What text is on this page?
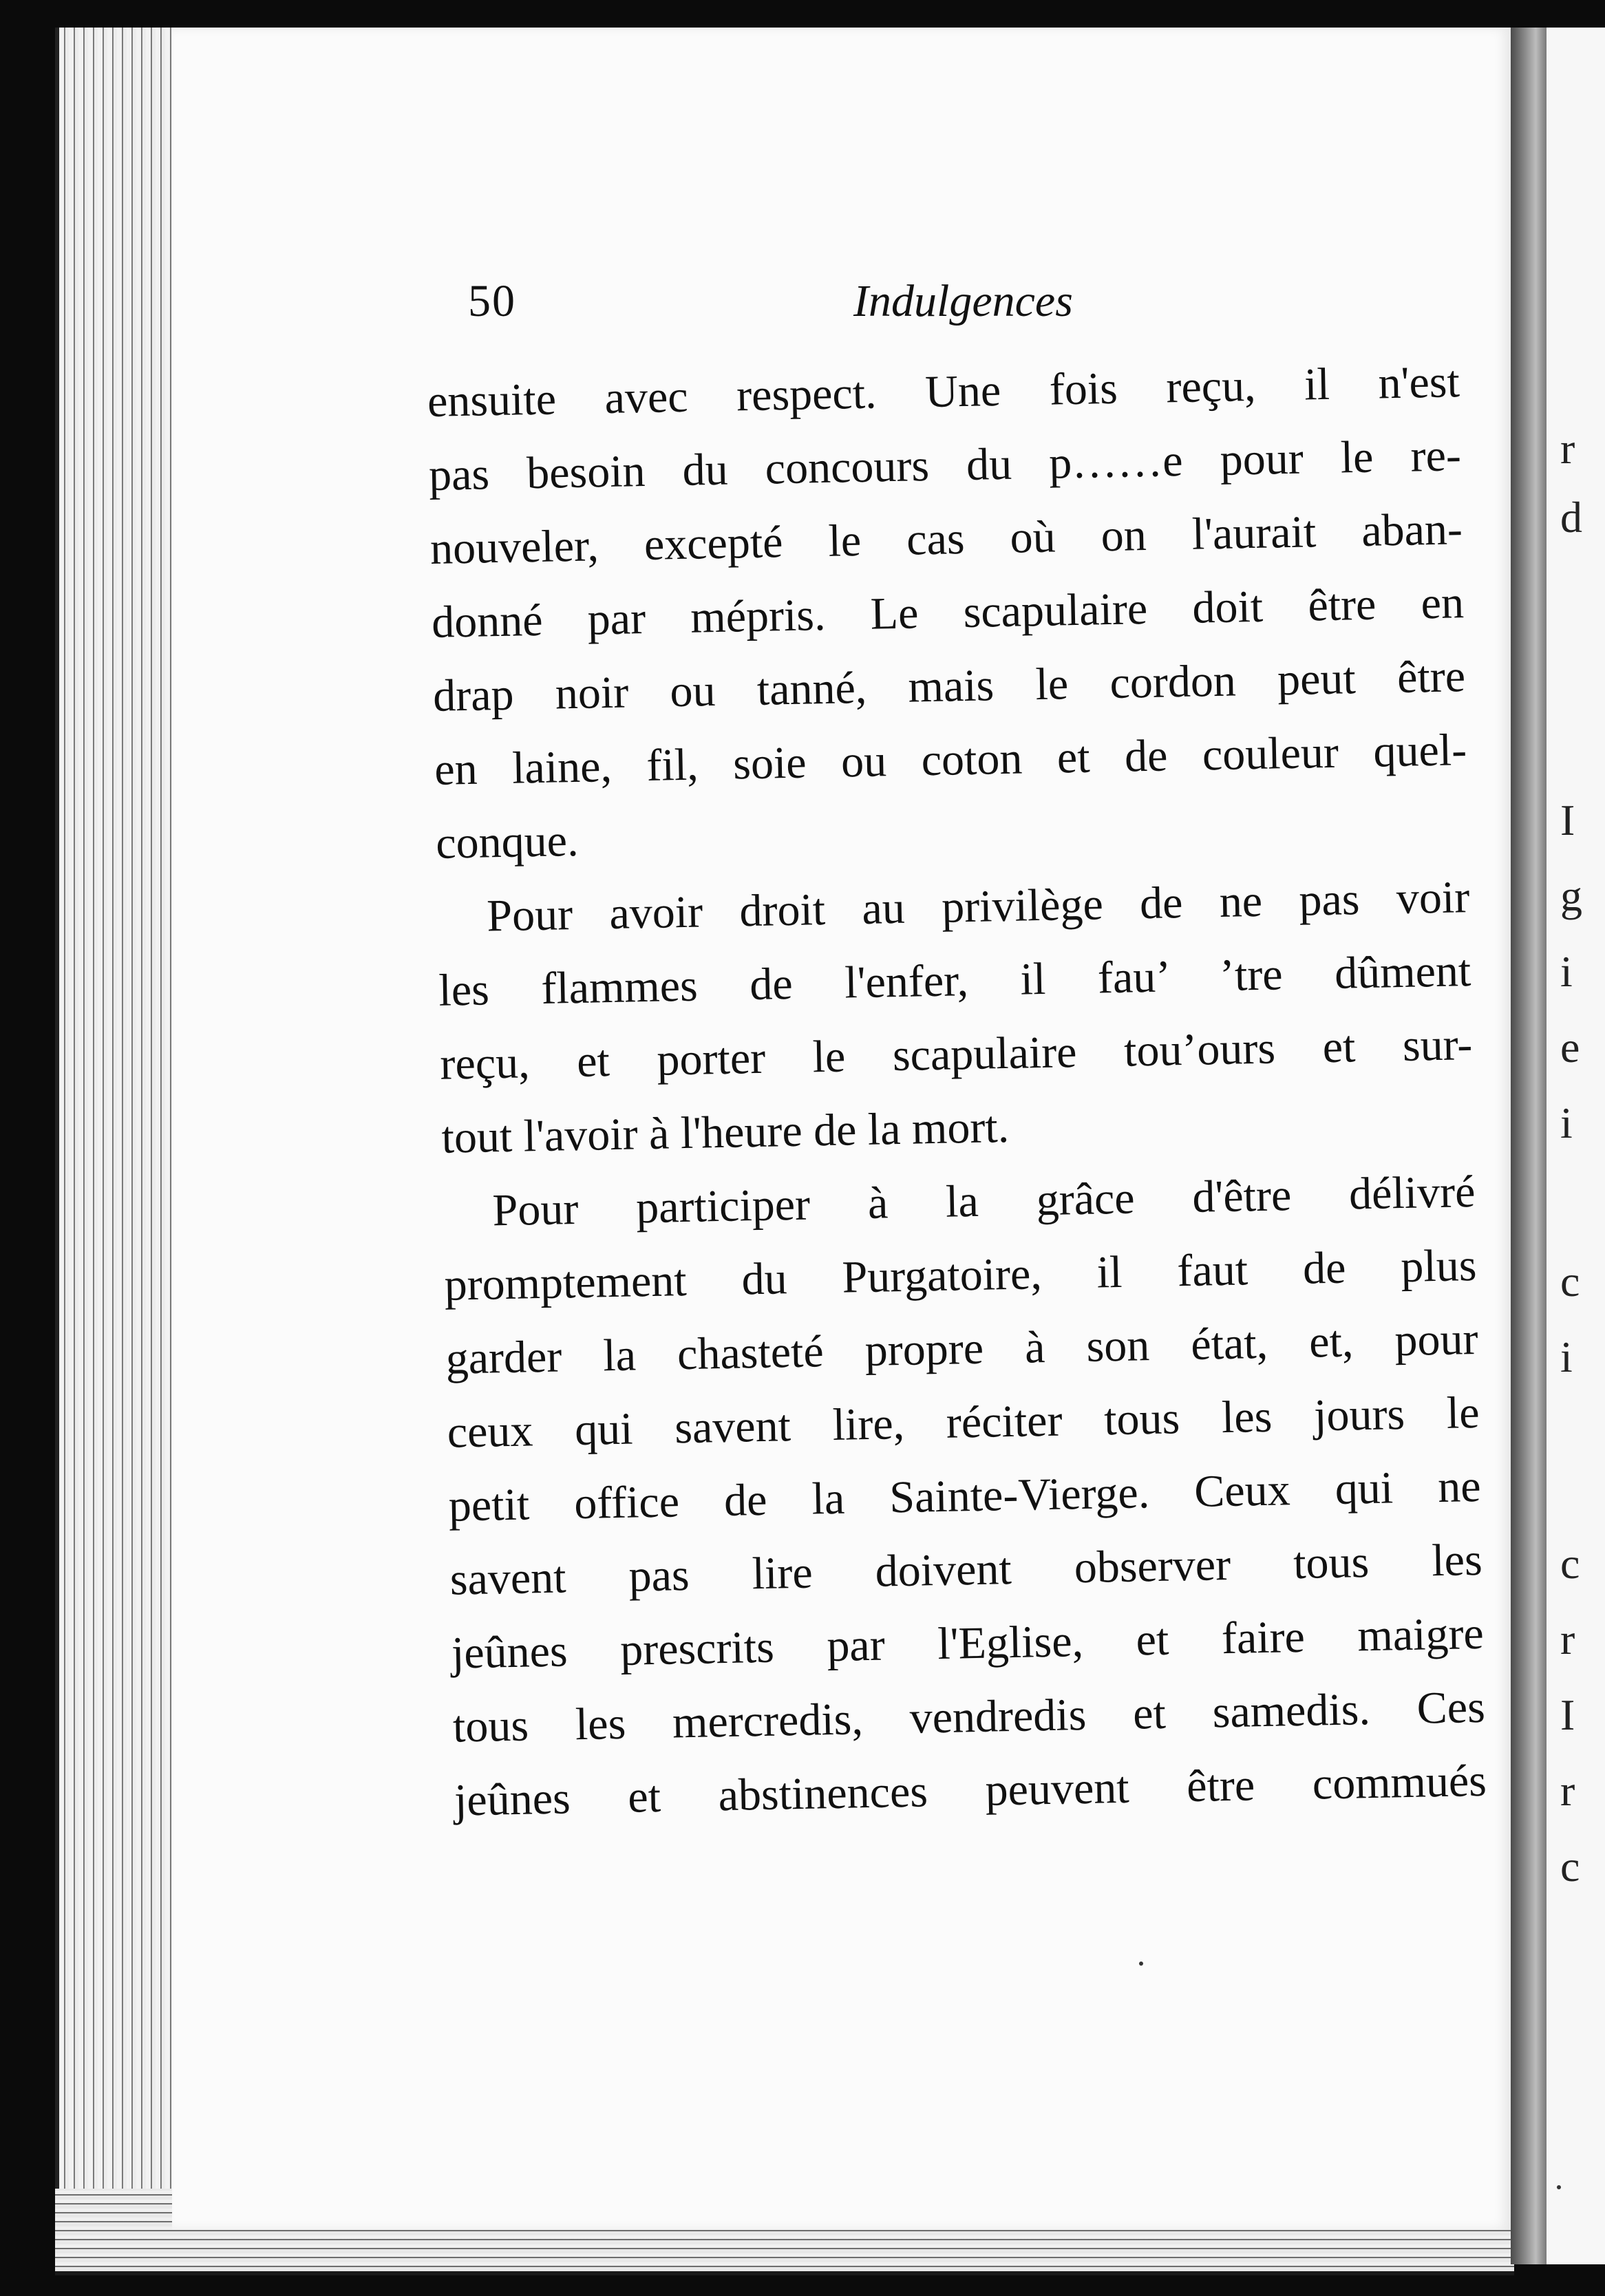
r
d
I
g
i
e
i
c
i
c
r
I
r
c
50	Indulgences
ensuite avec respect. Une fois reçu, il n'est
pas besoin du concours du p……e pour le re-
nouveler, excepté le cas où on l'aurait aban-
donné par mépris. Le scapulaire doit être en
drap noir ou tanné, mais le cordon peut être
en laine, fil, soie ou coton et de couleur quel-
conque.
Pour avoir droit au privilège de ne pas voir
les flammes de l'enfer, il fau’ ʼtre dûment
reçu, et porter le scapulaire touʼours et sur-
tout l'avoir à l'heure de la mort.
Pour participer à la grâce d'être délivré
promptement du Purgatoire, il faut de plus
garder la chasteté propre à son état, et, pour
ceux qui savent lire, réciter tous les jours le
petit office de la Sainte-Vierge. Ceux qui ne
savent pas lire doivent observer tous les
jeûnes prescrits par l'Eglise, et faire maigre
tous les mercredis, vendredis et samedis. Ces
jeûnes et abstinences peuvent être commués
